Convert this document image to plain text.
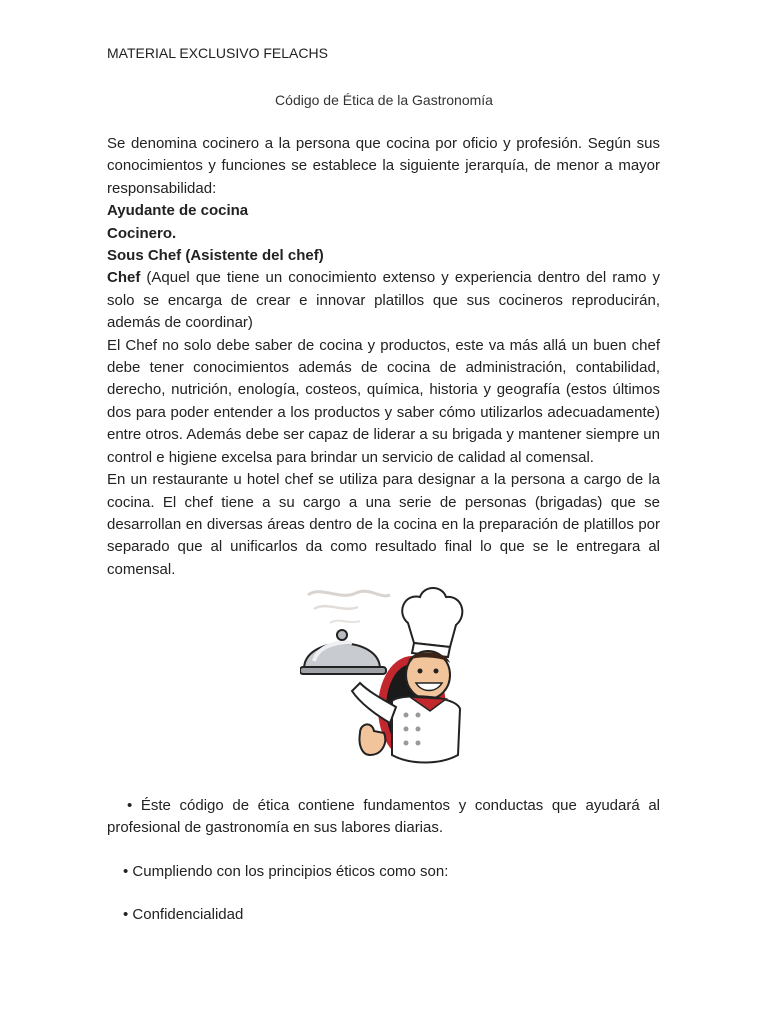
MATERIAL EXCLUSIVO FELACHS
Código de Ética de la Gastronomía

Se denomina cocinero a la persona que cocina por oficio y profesión. Según sus conocimientos y funciones se establece la siguiente jerarquía, de menor a mayor responsabilidad:

Ayudante de cocina

Cocinero.

Sous Chef (Asistente del chef)

Chef (Aquel que tiene un conocimiento extenso y experiencia dentro del ramo y solo se encarga de crear e innovar platillos que sus cocineros reproducirán, además de coordinar)

El Chef no solo debe saber de cocina y productos, este va más allá un buen chef debe tener conocimientos además de cocina de administración, contabilidad, derecho, nutrición, enología, costeos, química, historia y geografía (estos últimos dos para poder entender a los productos y saber cómo utilizarlos adecuadamente) entre otros. Además debe ser capaz de liderar a su brigada y mantener siempre un control e higiene excelsa para brindar un servicio de calidad al comensal.

En un restaurante u hotel chef se utiliza para designar a la persona a cargo de la cocina. El chef tiene a su cargo a una serie de personas (brigadas) que se desarrollan en diversas áreas dentro de la cocina en la preparación de platillos por separado que al unificarlos da como resultado final lo que se le entregara al comensal.

• Éste código de ética contiene fundamentos y conductas que ayudará al profesional de gastronomía en sus labores diarias.

• Cumpliendo con los principios éticos como son:

• Confidencialidad
